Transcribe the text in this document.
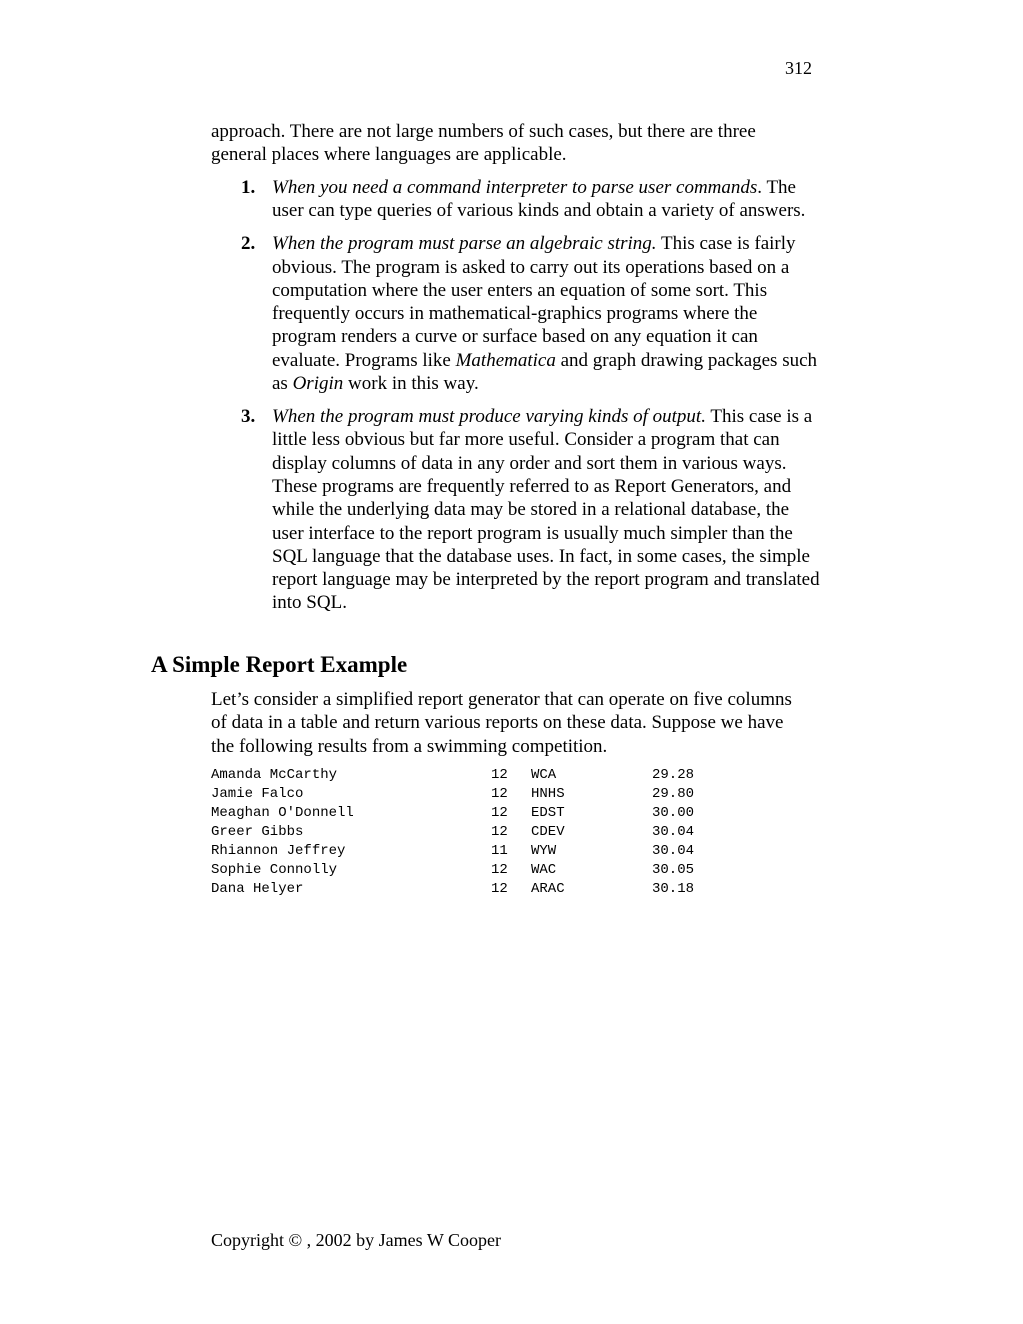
312

approach. There are not large numbers of such cases, but there are three general places where languages are applicable.

1. When you need a command interpreter to parse user commands. The user can type queries of various kinds and obtain a variety of answers.
2. When the program must parse an algebraic string. This case is fairly obvious. The program is asked to carry out its operations based on a computation where the user enters an equation of some sort. This frequently occurs in mathematical-graphics programs where the program renders a curve or surface based on any equation it can evaluate. Programs like Mathematica and graph drawing packages such as Origin work in this way.
3. When the program must produce varying kinds of output. This case is a little less obvious but far more useful. Consider a program that can display columns of data in any order and sort them in various ways. These programs are frequently referred to as Report Generators, and while the underlying data may be stored in a relational database, the user interface to the report program is usually much simpler than the SQL language that the database uses. In fact, in some cases, the simple report language may be interpreted by the report program and translated into SQL.
A Simple Report Example

Let’s consider a simplified report generator that can operate on five columns of data in a table and return various reports on these data. Suppose we have the following results from a swimming competition.

Amanda McCarthy	12	WCA	29.28
Jamie Falco	12	HNHS	29.80
Meaghan O'Donnell	12	EDST	30.00
Greer Gibbs	12	CDEV	30.04
Rhiannon Jeffrey	11	WYW	30.04
Sophie Connolly	12	WAC	30.05
Dana Helyer	12	ARAC	30.18
Copyright © , 2002 by James W Cooper
